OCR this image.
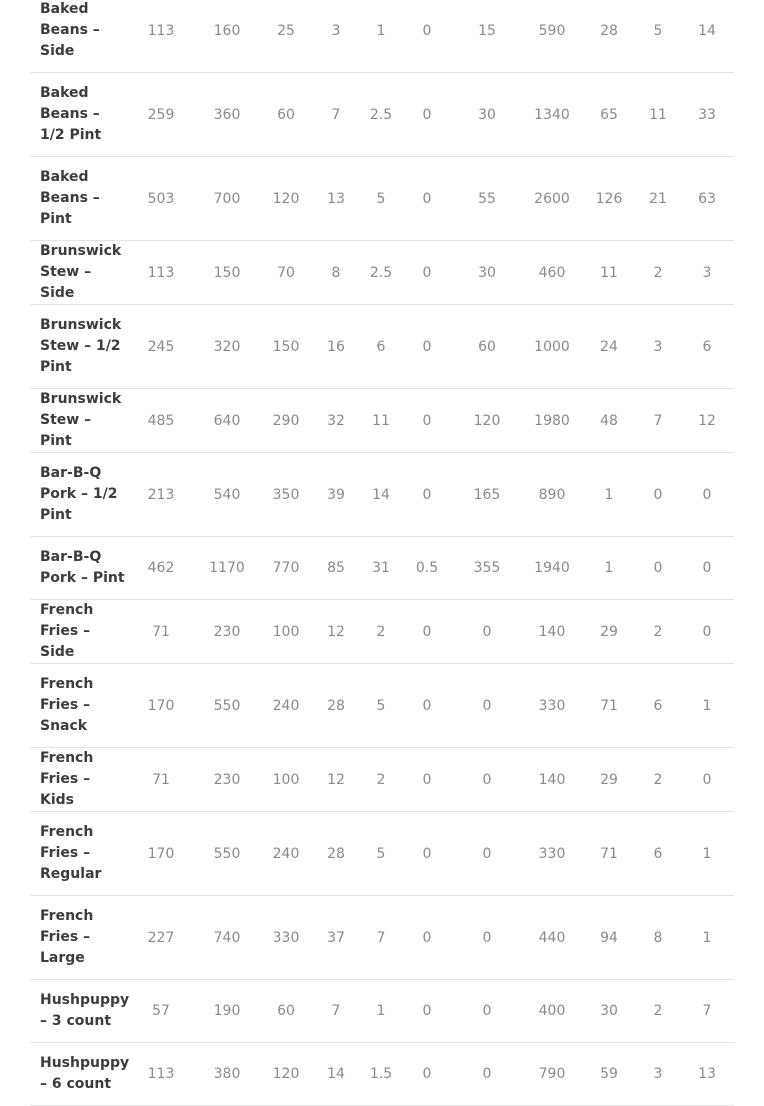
Baked Beans – Side	113	160	25	3	1	0	15	590	28	5	14

Baked Beans – 1/2 Pint	259	360	60	7	2.5	0	30	1340	65	11	33

Baked Beans – Pint	503	700	120	13	5	0	55	2600	126	21	63

Brunswick Stew – Side	113	150	70	8	2.5	0	30	460	11	2	3

Brunswick Stew – 1/2 Pint	245	320	150	16	6	0	60	1000	24	3	6

Brunswick Stew – Pint	485	640	290	32	11	0	120	1980	48	7	12

Bar-B-Q Pork – 1/2 Pint	213	540	350	39	14	0	165	890	1	0	0

Bar-B-Q Pork – Pint	462	1170	770	85	31	0.5	355	1940	1	0	0

French Fries – Side	71	230	100	12	2	0	0	140	29	2	0

French Fries – Snack	170	550	240	28	5	0	0	330	71	6	1

French Fries – Kids	71	230	100	12	2	0	0	140	29	2	0

French Fries – Regular	170	550	240	28	5	0	0	330	71	6	1

French Fries – Large	227	740	330	37	7	0	0	440	94	8	1

Hushpuppy – 3 count	57	190	60	7	1	0	0	400	30	2	7

Hushpuppy – 6 count	113	380	120	14	1.5	0	0	790	59	3	13
